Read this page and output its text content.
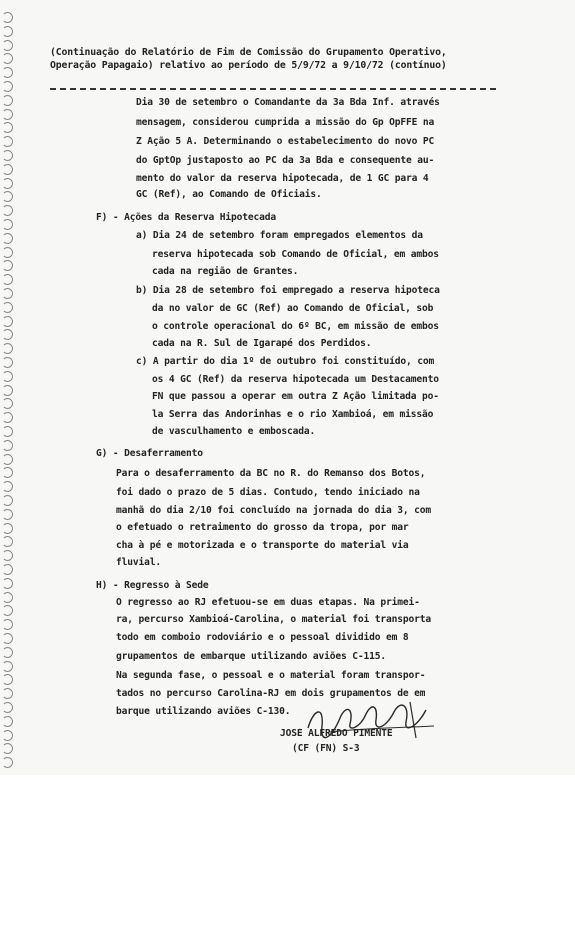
(Continuação do Relatório de Fim de Comissão do Grupamento Operativo,
Operação Papagaio) relativo ao período de 5/9/72 a 9/10/72 (contínuo)
Dia 30 de setembro o Comandante da 3a Bda Inf. através
mensagem, considerou cumprida a missão do Gp OpFFE na
Z Ação 5 A. Determinando o estabelecimento do novo PC
do GptOp justaposto ao PC da 3a Bda e consequente au-
mento do valor da reserva hipotecada, de 1 GC para 4
GC (Ref), ao Comando de Oficiais.
F) - Ações da Reserva Hipotecada
a) Dia 24 de setembro foram empregados elementos da
reserva hipotecada sob Comando de Oficial, em ambos
cada na região de Grantes.
b) Dia 28 de setembro foi empregado a reserva hipoteca
da no valor de GC (Ref) ao Comando de Oficial, sob
o controle operacional do 6º BC, em missão de embos
cada na R. Sul de Igarapé dos Perdidos.
c) A partir do dia 1º de outubro foi constituído, com
os 4 GC (Ref) da reserva hipotecada um Destacamento
FN que passou a operar em outra Z Ação limitada po-
la Serra das Andorinhas e o rio Xambioá, em missão
de vasculhamento e emboscada.
G) - Desaferramento
Para o desaferramento da BC no R. do Remanso dos Botos,
foi dado o prazo de 5 dias. Contudo, tendo iniciado na
manhã do dia 2/10 foi concluído na jornada do dia 3, com
o efetuado o retraimento do grosso da tropa, por mar
cha à pé e motorizada e o transporte do material via
fluvial.
H) - Regresso à Sede
O regresso ao RJ efetuou-se em duas etapas. Na primei-
ra, percurso Xambioá-Carolina, o material foi transporta
todo em comboio rodoviário e o pessoal dividido em 8
grupamentos de embarque utilizando aviões C-115.
Na segunda fase, o pessoal e o material foram transpor-
tados no percurso Carolina-RJ em dois grupamentos de em
barque utilizando aviões C-130.
JOSÉ ALFREDO PIMENTE
(CF (FN) S-3
